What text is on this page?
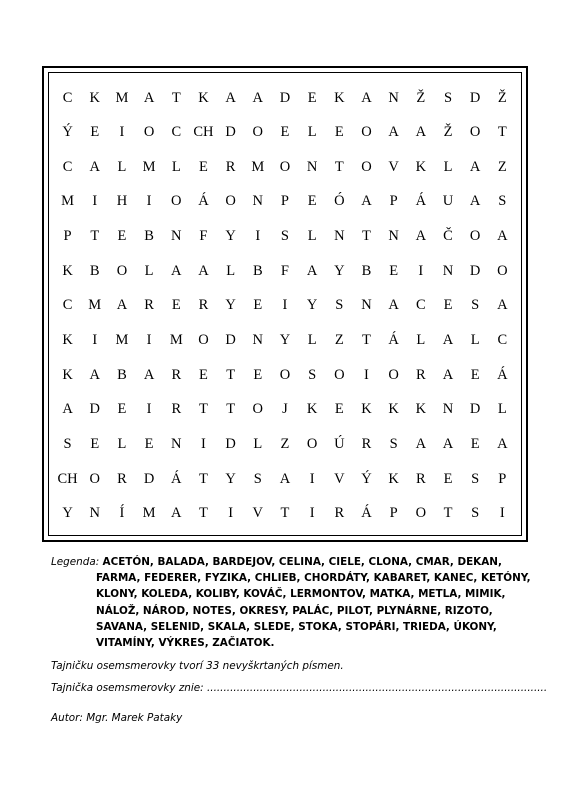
C	K	M	A	T	K	A	A	D	E	K	A	N	Ž	S	D	Ž
Ý	E	I	O	C CH D	O	E	L	E	O	A	A	Ž	O	T
C	A	L	M	L	E	R	M	O	N	T	O	V	K	L	A	Z
M	I	H	I	O	Á	O	N	P	E	Ó	A	P	Á	U	A	S
P	T	E	B	N	F	Y	I	S	L	N	T	N	A	Č	O	A
K	B	O	L	A	A	L	B	F	A	Y	B	E	I	N	D	O
C	M	A	R	E	R	Y	E	I	Y	S	N	A	C	E	S	A
K	I	M	I	M	O	D	N	Y	L	Z	T	Á	L	A	L	C
K	A	B	A	R	E	T	E	O	S	O	I	O	R	A	E	Á
A	D	E	I	R	T	T	O	J	K	E	K	K	K	N	D	L
S	E	L	E	N	I	D	L	Z	O	Ú	R	S	A	A	E	A
CH O	R	D	Á	T	Y	S	A	I	V	Ý	K	R	E	S	P
Y	N	Í	M	A	T	I	V	T	I	R	Á	P	O	T	S	I
Legenda: ACETÓN, BALADA, BARDEJOV, CELINA, CIELE, CLONA, CMAR, DEKAN,
FARMA, FEDERER, FYZIKA, CHLIEB, CHORDÁTY, KABARET, KANEC, KETÓNY,
KLONY, KOLEDA, KOLIBY, KOVÁČ, LERMONTOV, MATKA, METLA, MIMIK,
NÁLOŽ, NÁROD, NOTES, OKRESY, PALÁC, PILOT, PLYNÁRNE, RIZOTO,
SAVANA, SELENID, SKALA, SLEDE, STOKA, STOPÁRI, TRIEDA, ÚKONY,
VITAMÍNY, VÝKRES, ZAČIATOK.
Tajničku osemsmerovky tvorí 33 nevyškrtaných písmen.
Tajnička osemsmerovky znie: .......................................................................................................
Autor: Mgr. Marek Pataky
